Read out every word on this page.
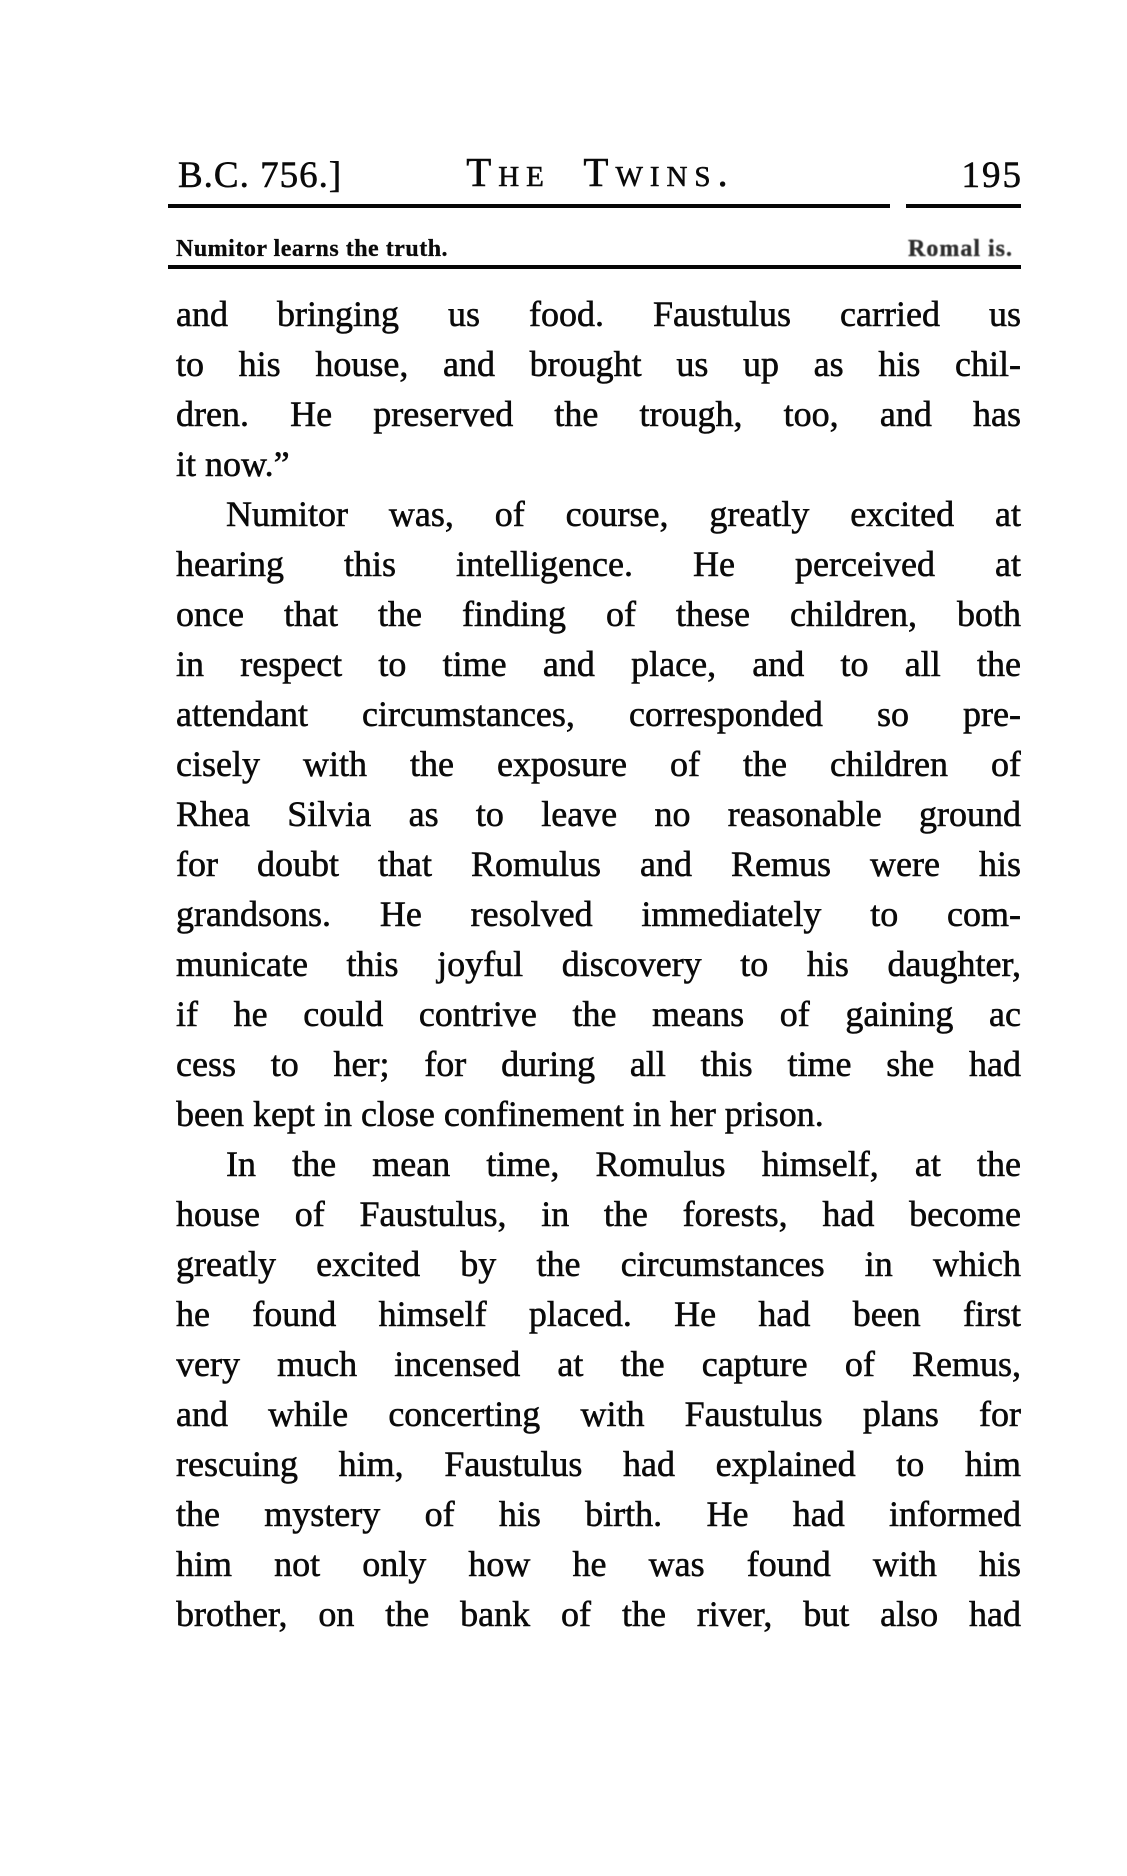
B.C. 756.]	The Twins.	195
Numitor learns the truth.	Romal is.
and bringing us food. Faustulus carried us
to his house, and brought us up as his chil-
dren. He preserved the trough, too, and has
it now.”
Numitor was, of course, greatly excited at
hearing this intelligence. He perceived at
once that the finding of these children, both
in respect to time and place, and to all the
attendant circumstances, corresponded so pre-
cisely with the exposure of the children of
Rhea Silvia as to leave no reasonable ground
for doubt that Romulus and Remus were his
grandsons. He resolved immediately to com-
municate this joyful discovery to his daughter,
if he could contrive the means of gaining ac
cess to her; for during all this time she had
been kept in close confinement in her prison.
In the mean time, Romulus himself, at the
house of Faustulus, in the forests, had become
greatly excited by the circumstances in which
he found himself placed. He had been first
very much incensed at the capture of Remus,
and while concerting with Faustulus plans for
rescuing him, Faustulus had explained to him
the mystery of his birth. He had informed
him not only how he was found with his
brother, on the bank of the river, but also had
